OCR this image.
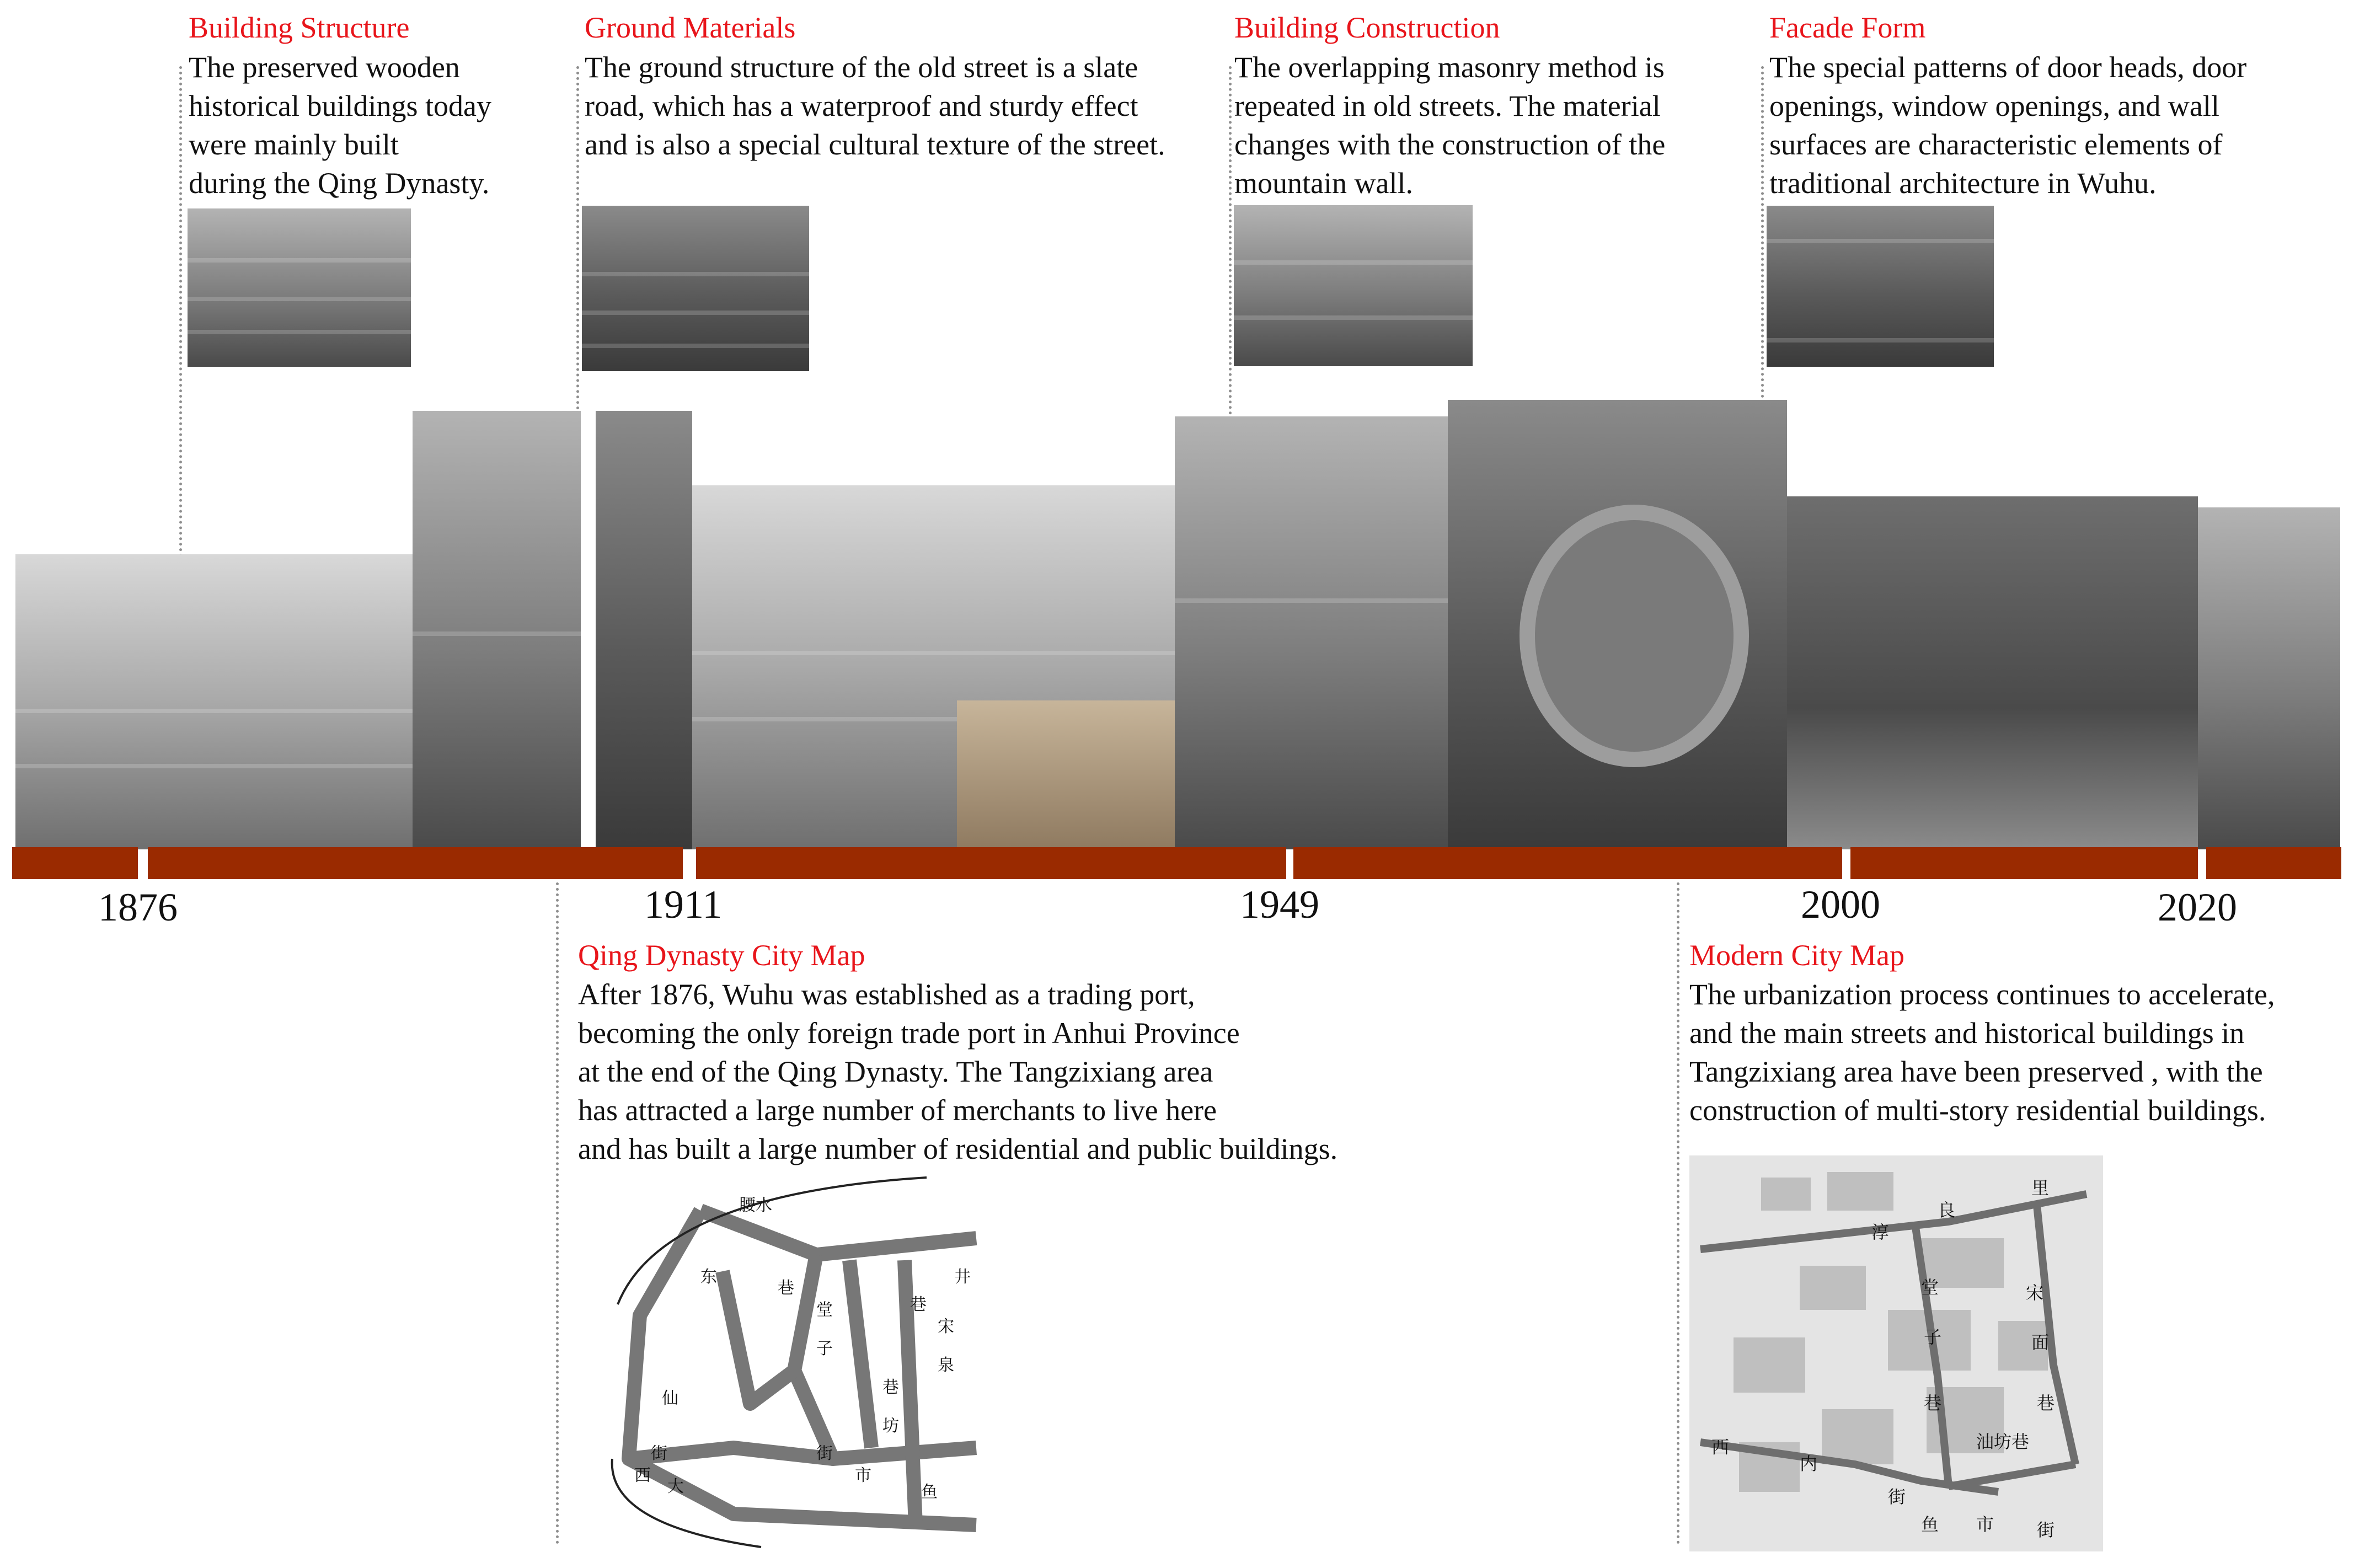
Building Structure
The preserved wooden
historical buildings today
were mainly built
during the Qing Dynasty.
Ground Materials
The ground structure of the old street is a slate
road, which has a waterproof and sturdy effect
and is also a special cultural texture of the street.
Building Construction
The overlapping masonry method is
repeated in old streets. The material
changes with the construction of the
mountain wall.
Facade Form
The special patterns of door heads, door
openings, window openings, and wall
surfaces are characteristic elements of
traditional architecture in Wuhu.
1876	1911	1949	2000	2020
Qing Dynasty City Map
After 1876, Wuhu was established as a trading port,
becoming the only foreign trade port in Anhui Province
at the end of the Qing Dynasty. The Tangzixiang area
has attracted a large number of merchants to live here
and has built a large number of residential and public buildings.
腰水
东	井
巷
堂
子
巷
仙
坊
市
街
街
西
大
宋
泉
巷
鱼
Modern City Map
The urbanization process continues to accelerate,
and the main streets and historical buildings in
Tangzixiang area have been preserved , with the
construction of multi-story residential buildings.
淳
良
里
宋
堂
子	面
巷	巷
油坊巷
西
内
街
鱼 市 街
